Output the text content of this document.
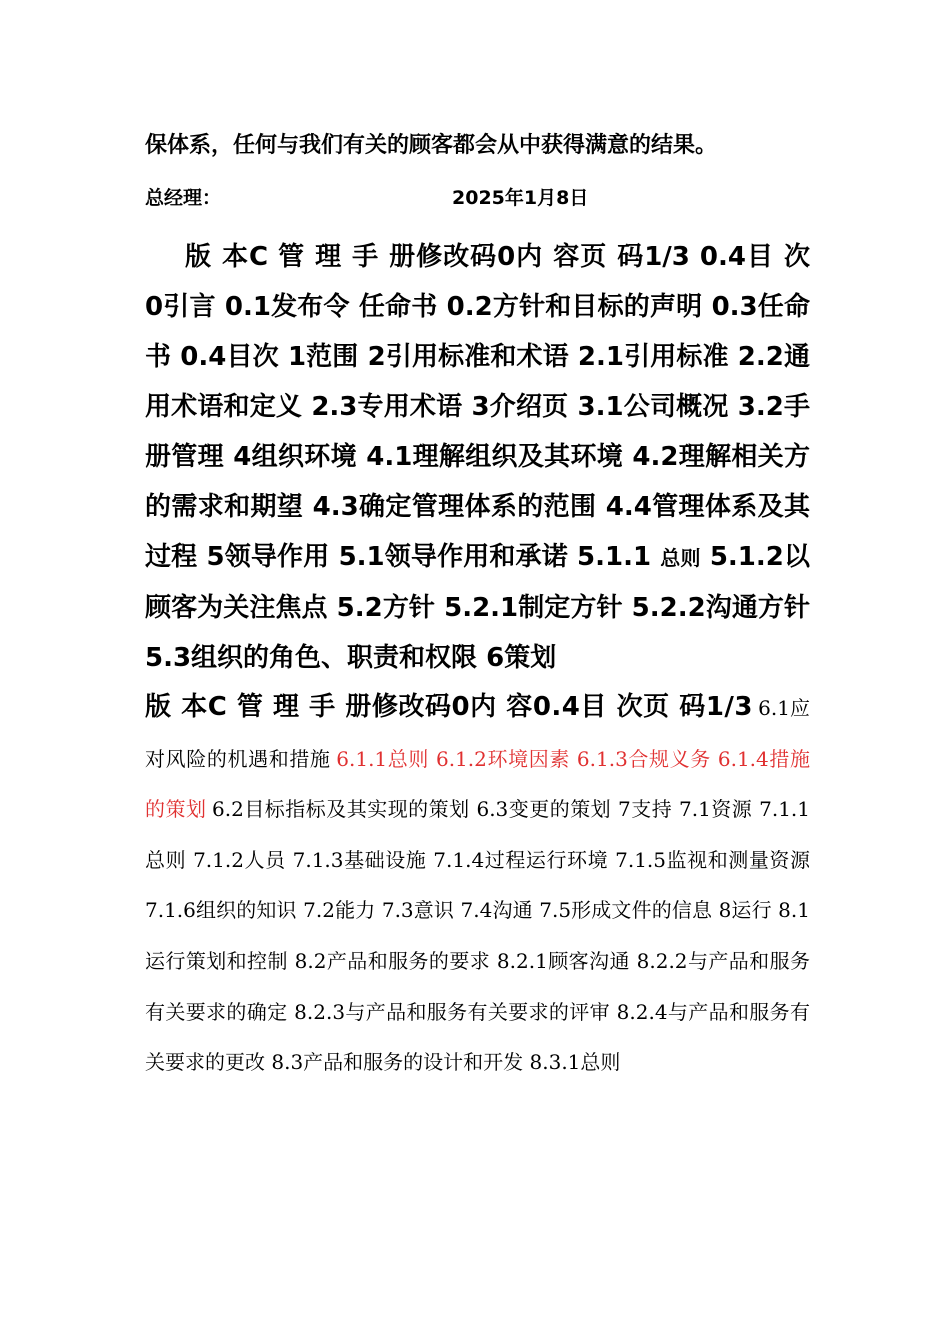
保体系，任何与我们有关的顾客都会从中获得满意的结果。
总经理：	2025年1月8日
版 本C 管 理 手 册修改码0内 容页 码1/3 0.4目 次 0引言 0.1发布令 任命书 0.2方针和目标的声明 0.3任命书 0.4目次 1范围 2引用标准和术语 2.1引用标准 2.2通用术语和定义 2.3专用术语 3介绍页 3.1公司概况 3.2手册管理 4组织环境 4.1理解组织及其环境 4.2理解相关方的需求和期望 4.3确定管理体系的范围 4.4管理体系及其过程 5领导作用 5.1领导作用和承诺 5.1.1 总则 5.1.2以顾客为关注焦点 5.2方针 5.2.1制定方针 5.2.2沟通方针 5.3组织的角色、职责和权限 6策划
版 本C 管 理 手 册修改码0内 容0.4目 次页 码1/3 6.1应对风险的机遇和措施 6.1.1总则 6.1.2环境因素 6.1.3合规义务 6.1.4措施的策划 6.2目标指标及其实现的策划 6.3变更的策划 7支持 7.1资源 7.1.1总则 7.1.2人员 7.1.3基础设施 7.1.4过程运行环境 7.1.5监视和测量资源 7.1.6组织的知识 7.2能力 7.3意识 7.4沟通 7.5形成文件的信息 8运行 8.1运行策划和控制 8.2产品和服务的要求 8.2.1顾客沟通 8.2.2与产品和服务有关要求的确定 8.2.3与产品和服务有关要求的评审 8.2.4与产品和服务有关要求的更改 8.3产品和服务的设计和开发 8.3.1总则
